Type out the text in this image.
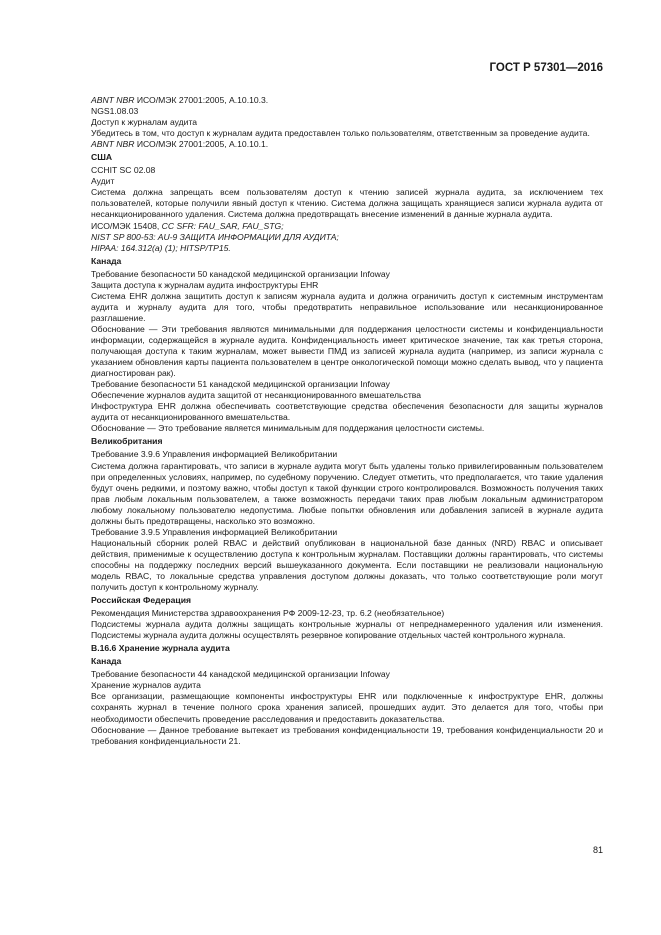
ГОСТ Р 57301—2016

ABNT NBR ИСО/МЭК 27001:2005, А.10.10.3.

NGS1.08.03

Доступ к журналам аудита

Убедитесь в том, что доступ к журналам аудита предоставлен только пользователям, ответственным за проведение аудита.

ABNT NBR ИСО/МЭК 27001:2005, А.10.10.1.

США

CCHIT SC 02.08

Аудит

Система должна запрещать всем пользователям доступ к чтению записей журнала аудита, за исключением тех пользователей, которые получили явный доступ к чтению. Система должна защищать хранящиеся записи журнала аудита от несанкционированного удаления. Система должна предотвращать внесение изменений в данные журнала аудита.

ИСО/МЭК 15408, CC SFR: FAU_SAR, FAU_STG;

NIST SP 800-53: AU-9 ЗАЩИТА ИНФОРМАЦИИ ДЛЯ АУДИТА;

HIPAA: 164.312(a) (1); HITSP/TP15.

Канада

Требование безопасности 50 канадской медицинской организации Infoway

Защита доступа к журналам аудита инфоструктуры EHR

Система EHR должна защитить доступ к записям журнала аудита и должна ограничить доступ к системным инструментам аудита и журналу аудита для того, чтобы предотвратить неправильное использование или несанкционированное разглашение.

Обоснование — Эти требования являются минимальными для поддержания целостности системы и конфиденциальности информации, содержащейся в журнале аудита. Конфиденциальность имеет критическое значение, так как третья сторона, получающая доступа к таким журналам, может вывести ПМД из записей журнала аудита (например, из записи журнала с указанием обновления карты пациента пользователем в центре онкологической помощи можно сделать вывод, что у пациента диагностирован рак).

Требование безопасности 51 канадской медицинской организации Infoway

Обеспечение журналов аудита защитой от несанкционированного вмешательства

Инфоструктура EHR должна обеспечивать соответствующие средства обеспечения безопасности для защиты журналов аудита от несанкционированного вмешательства.

Обоснование — Это требование является минимальным для поддержания целостности системы.

Великобритания

Требование 3.9.6 Управления информацией Великобритании

Система должна гарантировать, что записи в журнале аудита могут быть удалены только привилегированным пользователем при определенных условиях, например, по судебному поручению. Следует отметить, что предполагается, что такие удаления будут очень редкими, и поэтому важно, чтобы доступ к такой функции строго контролировался. Возможность получения таких прав любым локальным пользователем, а также возможность передачи таких прав любым локальным администратором любому локальному пользователю недопустима. Любые попытки обновления или добавления записей в журнале аудита должны быть предотвращены, насколько это возможно.

Требование 3.9.5 Управления информацией Великобритании

Национальный сборник ролей RBAC и действий опубликован в национальной базе данных (NRD) RBAC и описывает действия, применимые к осуществлению доступа к контрольным журналам. Поставщики должны гарантировать, что системы способны на поддержку последних версий вышеуказанного документа. Если поставщики не реализовали национальную модель RBAC, то локальные средства управления доступом должны доказать, что только соответствующие роли могут получить доступ к контрольному журналу.

Российская Федерация

Рекомендация Министерства здравоохранения РФ 2009-12-23, тр. 6.2 (необязательное)

Подсистемы журнала аудита должны защищать контрольные журналы от непреднамеренного удаления или изменения. Подсистемы журнала аудита должны осуществлять резервное копирование отдельных частей контрольного журнала.

B.16.6 Хранение журнала аудита

Канада

Требование безопасности 44 канадской медицинской организации Infoway

Хранение журналов аудита

Все организации, размещающие компоненты инфоструктуры EHR или подключенные к инфоструктуре EHR, должны сохранять журнал в течение полного срока хранения записей, прошедших аудит. Это делается для того, чтобы при необходимости обеспечить проведение расследования и предоставить доказательства.

Обоснование — Данное требование вытекает из требования конфиденциальности 19, требования конфиденциальности 20 и требования конфиденциальности 21.

81
